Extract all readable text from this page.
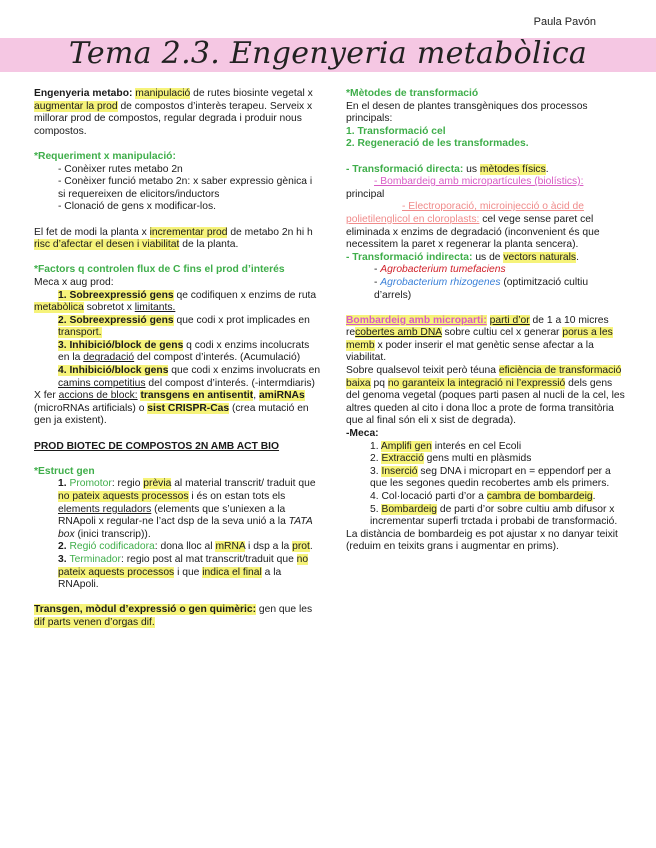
Paula Pavón
Tema 2.3. Engenyeria metabòlica

Engenyeria metabo: manipulació de rutes biosinte vegetal x augmentar la prod de compostos d’interès terapeu. Serveix x millorar prod de compostos, regular degrada i produir nous compostos.

*Requeriment x manipulació:

- Conèixer rutes metabo 2n

- Conèixer funció metabo 2n: x saber expressio gènica i si requereixen de elicitors/inductors

- Clonació de gens x modificar-los.

El fet de modi la planta x incrementar prod de metabo 2n hi h risc d’afectar el desen i viabilitat de la planta.

*Factors q controlen flux de C fins el prod d’interés

Meca x aug prod:

1. Sobreexpressió gens qe codifiquen x enzims de ruta

metabòlica sobretot x limitants.

2. Sobreexpressió gens que codi x prot implicades en transport.

3. Inhibició/block de gens q codi x enzims incolucrats en la degradació del compost d’interés. (Acumulació)

4. Inhibició/block gens que codi x enzims involucrats en camins competitius del compost d’interés. (-intermdiaris)

X fer accions de block: transgens en antisentit, amiRNAs (microRNAs artificials) o sist CRISPR-Cas (crea mutació en gen ja existent).

PROD BIOTEC DE COMPOSTOS 2N AMB ACT BIO

*Estruct gen

1. Promotor: regio prèvia al material transcrit/ traduit que no pateix aquests processos i és on estan tots els elements reguladors (elements que s’uniexen a la RNApoli x regular-ne l’act dsp de la seva unió a la TATA box (inici transcrip)).

2. Regió codificadora: dona lloc al mRNA i dsp a la prot.

3. Terminador: regio post al mat transcrit/traduit que no pateix aquests processos i que indica el final a la RNApoli.

Transgen, mòdul d’expressió o gen quimèric: gen que les dif parts venen d’orgas dif.

*Mètodes de transformació

En el desen de plantes transgèniques dos processos principals:

1. Transformació cel

2. Regeneració de les transformades.

- Transformació directa: us mètodes físics.

- Bombardeig amb micropartícules (biolístics):

principal

- Electroporació, microinjecció o àcid de polietilenglicol en cloroplasts: cel vege sense paret cel eliminada x enzims de degradació (inconvenient és que necessitem la paret x regenerar la planta sencera).

- Transformació indirecta: us de vectors naturals.

- Agrobacterium tumefaciens

- Agrobacterium rhizogenes (optimització cultiu d’arrels)

Bombardeig amb microparti: parti d’or de 1 a 10 micres recobertes amb DNA sobre cultiu cel x generar porus a les memb x poder inserir el mat genètic sense afectar a la viabilitat.

Sobre qualsevol teixit però téuna eficiència de transformació baixa pq no garanteix la integració ni l’expressió dels gens del genoma vegetal (poques parti pasen al nucli de la cel, les altres queden al cito i dona lloc a prote de forma transitòria que al final són eli x sist de degrada).

-Meca:

1. Amplifi gen interés en cel Ecoli

2. Extracció gens multi en plàsmids

3. Inserció seg DNA i micropart en = eppendorf per a que les segones quedin recobertes amb els primers.

4. Col·locació parti d’or a cambra de bombardeig.

5. Bombardeig de parti d’or sobre cultiu amb difusor x incrementar superfi trctada i probabi de transformació.

La distància de bombardeig es pot ajustar x no danyar teixit (reduim en teixits grans i augmentar en prims).
